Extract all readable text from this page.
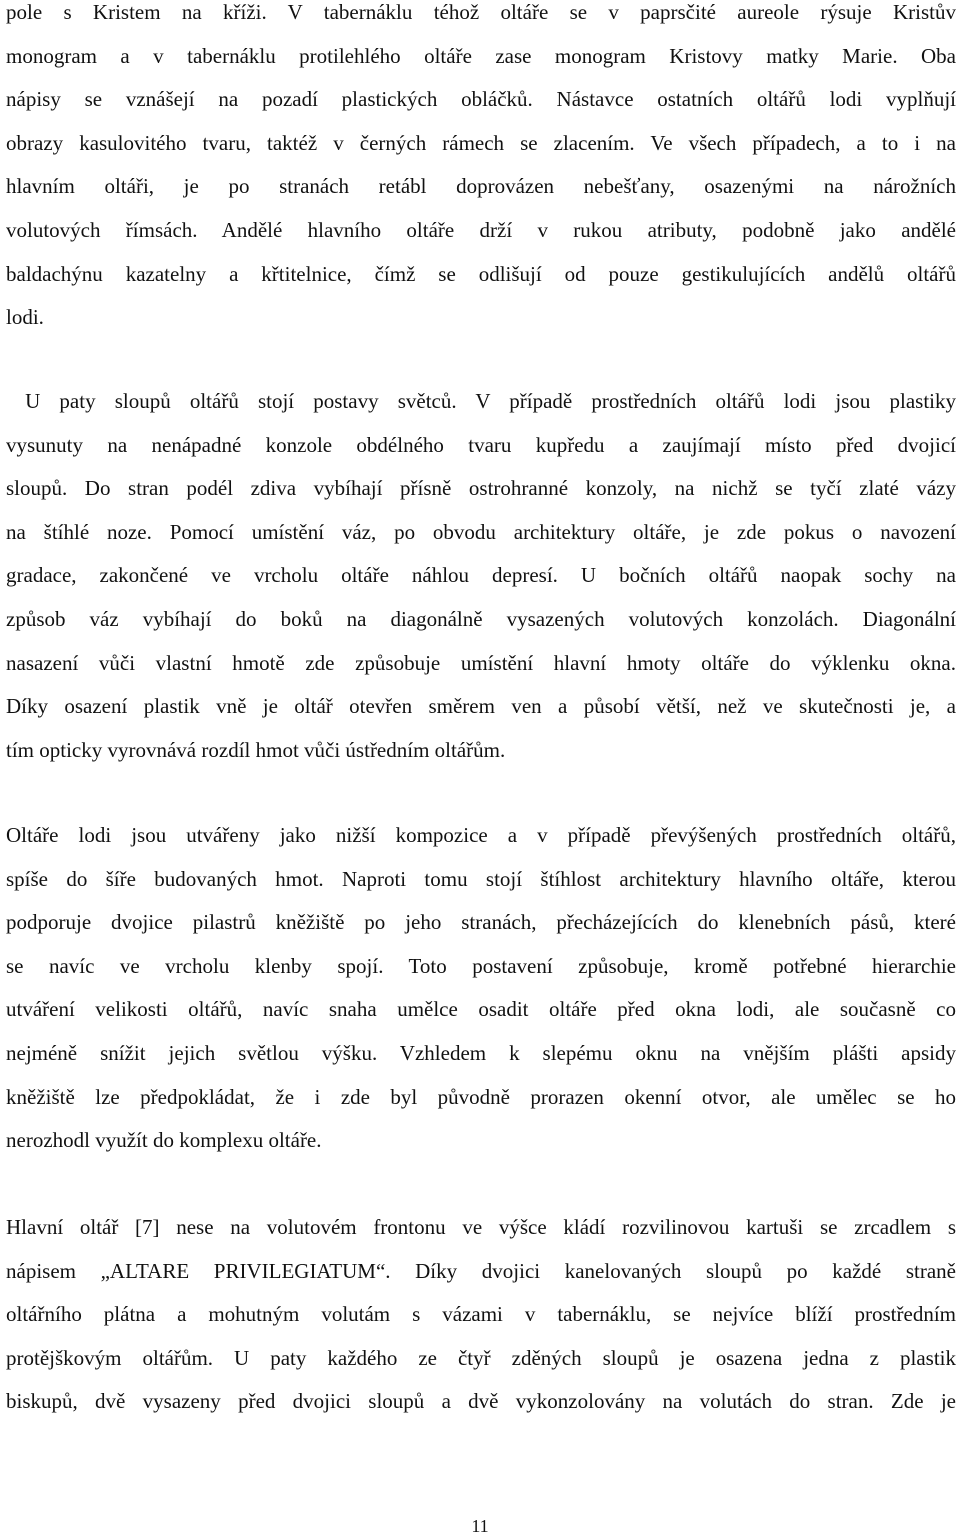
pole s Kristem na kříži. V tabernáklu téhož oltáře se v paprsčité aureole rýsuje Kristův
monogram a v tabernáklu protilehlého oltáře zase monogram Kristovy matky Marie. Oba
nápisy se vznášejí na pozadí plastických obláčků. Nástavce ostatních oltářů lodi vyplňují
obrazy kasulovitého tvaru, taktéž v černých rámech se zlacením. Ve všech případech, a to i na
hlavním oltáři, je po stranách retábl doprovázen nebešťany, osazenými na nárožních
volutových římsách. Andělé hlavního oltáře drží v rukou atributy, podobně jako andělé
baldachýnu kazatelny a křtitelnice, čímž se odlišují od pouze gestikulujících andělů oltářů
lodi.
U paty sloupů oltářů stojí postavy světců. V případě prostředních oltářů lodi jsou plastiky
vysunuty na nenápadné konzole obdélného tvaru kupředu a zaujímají místo před dvojicí
sloupů. Do stran podél zdiva vybíhají přísně ostrohranné konzoly, na nichž se tyčí zlaté vázy
na štíhlé noze. Pomocí umístění váz, po obvodu architektury oltáře, je zde pokus o navození
gradace, zakončené ve vrcholu oltáře náhlou depresí. U bočních oltářů naopak sochy na
způsob váz vybíhají do boků na diagonálně vysazených volutových konzolách. Diagonální
nasazení vůči vlastní hmotě zde způsobuje umístění hlavní hmoty oltáře do výklenku okna.
Díky osazení plastik vně je oltář otevřen směrem ven a působí větší, než ve skutečnosti je, a
tím opticky vyrovnává rozdíl hmot vůči ústředním oltářům.
Oltáře lodi jsou utvářeny jako nižší kompozice a v případě převýšených prostředních oltářů,
spíše do šíře budovaných hmot. Naproti tomu stojí štíhlost architektury hlavního oltáře, kterou
podporuje dvojice pilastrů kněžiště po jeho stranách, přecházejících do klenebních pásů, které
se navíc ve vrcholu klenby spojí. Toto postavení způsobuje, kromě potřebné hierarchie
utváření velikosti oltářů, navíc snaha umělce osadit oltáře před okna lodi, ale současně co
nejméně snížit jejich světlou výšku. Vzhledem k slepému oknu na vnějším plášti apsidy
kněžiště lze předpokládat, že i zde byl původně prorazen okenní otvor, ale umělec se ho
nerozhodl využít do komplexu oltáře.
Hlavní oltář [7] nese na volutovém frontonu ve výšce kládí rozvilinovou kartuši se zrcadlem s
nápisem „ALTARE PRIVILEGIATUM“. Díky dvojici kanelovaných sloupů po každé straně
oltářního plátna a mohutným volutám s vázami v tabernáklu, se nejvíce blíží prostředním
protějškovým oltářům. U paty každého ze čtyř zděných sloupů je osazena jedna z plastik
biskupů, dvě vysazeny před dvojici sloupů a dvě vykonzolovány na volutách do stran. Zde je
11
